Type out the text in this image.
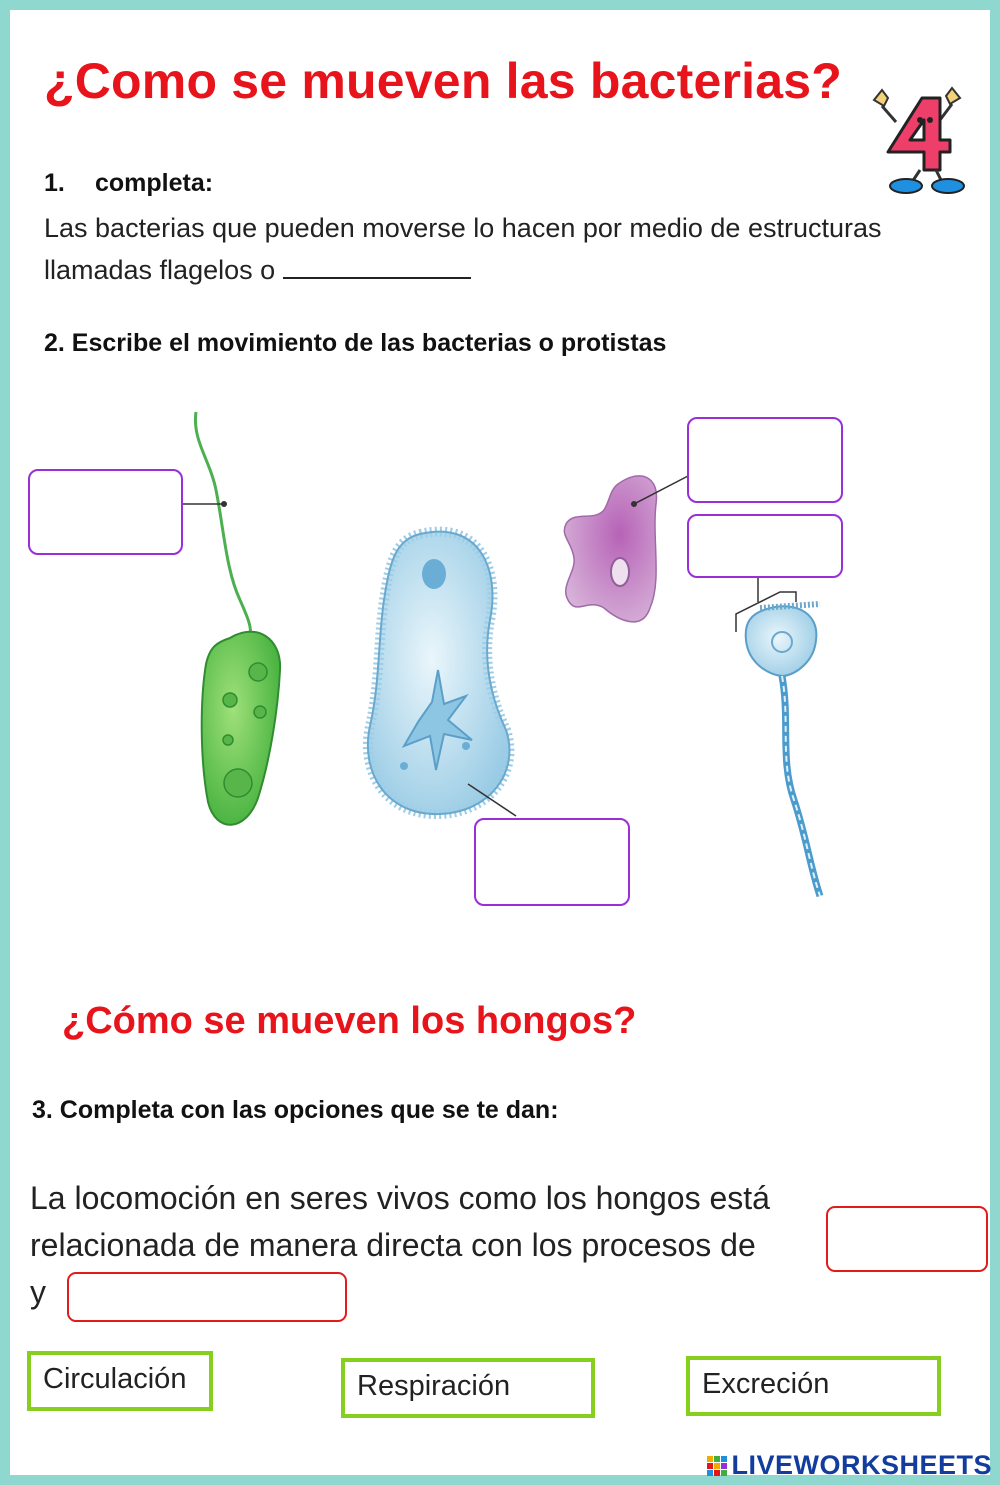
¿Como se mueven las bacterias?
1. completa:
Las bacterias que pueden moverse lo hacen por medio de estructuras llamadas flagelos o
2. Escribe el movimiento de las bacterias o protistas
¿Cómo se mueven los hongos?
3. Completa con las opciones que se te dan:
La locomoción en seres vivos como los hongos está
relacionada de manera directa con los procesos de
y
Circulación	Respiración	Excreción
LIVEWORKSHEETS
